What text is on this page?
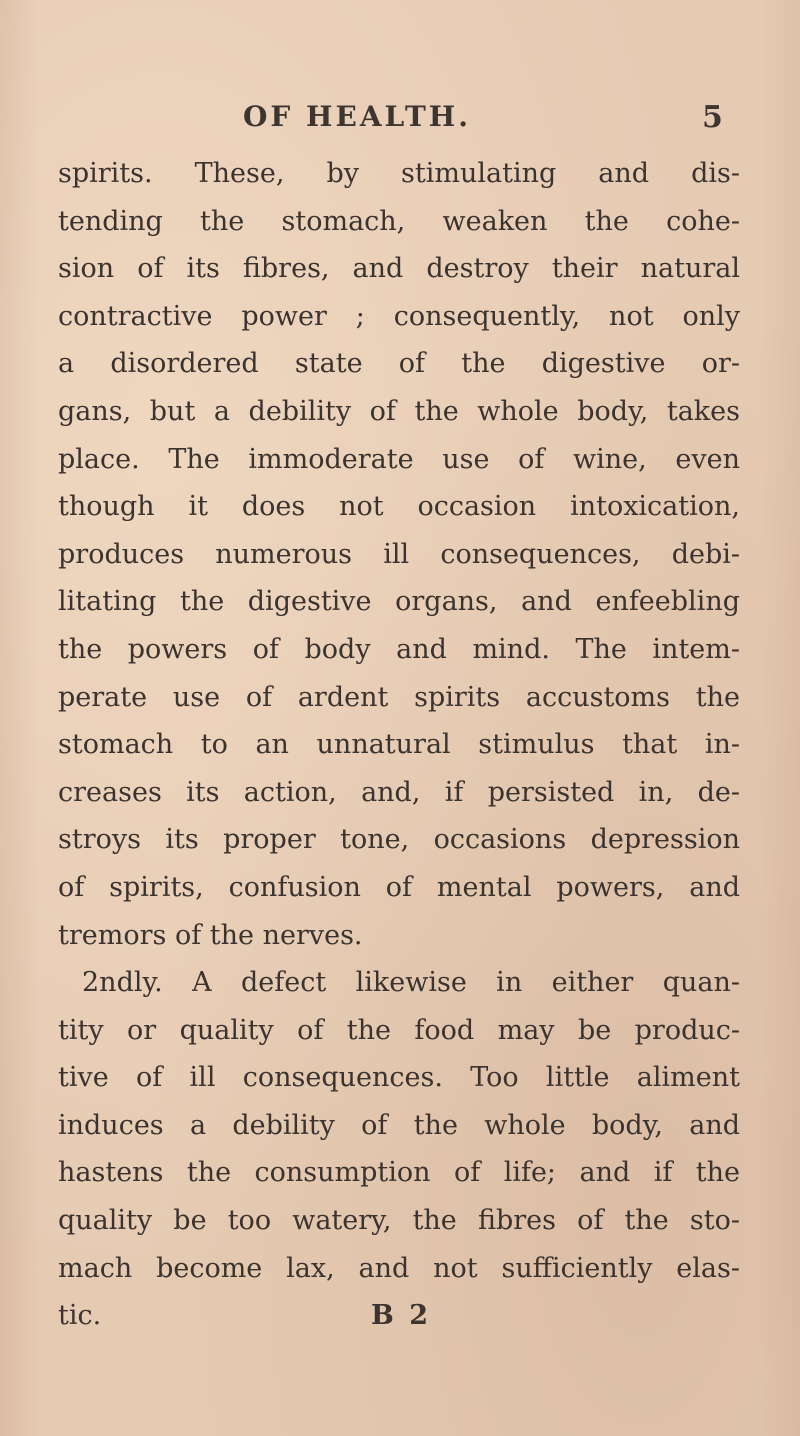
OF HEALTH.	5
spirits. These, by stimulating and dis-
tending the stomach, weaken the cohe-
sion of its fibres, and destroy their natural
contractive power ; consequently, not only
a disordered state of the digestive or-
gans, but a debility of the whole body, takes
place. The immoderate use of wine, even
though it does not occasion intoxication,
produces numerous ill consequences, debi-
litating the digestive organs, and enfeebling
the powers of body and mind. The intem-
perate use of ardent spirits accustoms the
stomach to an unnatural stimulus that in-
creases its action, and, if persisted in, de-
stroys its proper tone, occasions depression
of spirits, confusion of mental powers, and
tremors of the nerves.
2ndly. A defect likewise in either quan-
tity or quality of the food may be produc-
tive of ill consequences. Too little aliment
induces a debility of the whole body, and
hastens the consumption of life; and if the
quality be too watery, the fibres of the sto-
mach become lax, and not sufficiently elas-
tic.	B 2
